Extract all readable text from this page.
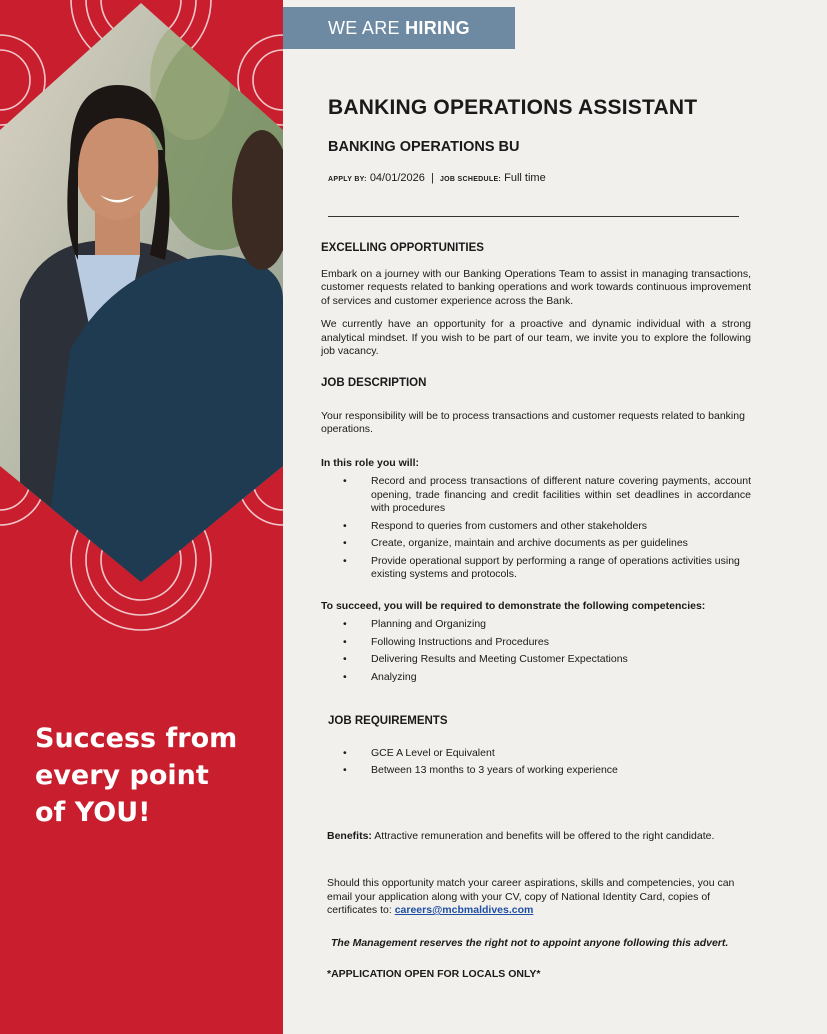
Success from
every point
of YOU!
WE ARE HIRING
BANKING OPERATIONS ASSISTANT
BANKING OPERATIONS BU
APPLY BY: 04/01/2026 | JOB SCHEDULE: Full time
EXCELLING OPPORTUNITIES

Embark on a journey with our Banking Operations Team to assist in managing transactions, customer requests related to banking operations and work towards continuous improvement of services and customer experience across the Bank.

We currently have an opportunity for a proactive and dynamic individual with a strong analytical mindset. If you wish to be part of our team, we invite you to explore the following job vacancy.

JOB DESCRIPTION

Your responsibility will be to process transactions and customer requests related to banking operations.

In this role you will:

• Record and process transactions of different nature covering payments, account opening, trade financing and credit facilities within set deadlines in accordance with procedures
• Respond to queries from customers and other stakeholders
• Create, organize, maintain and archive documents as per guidelines
• Provide operational support by performing a range of operations activities using existing systems and protocols.

To succeed, you will be required to demonstrate the following competencies:

• Planning and Organizing
• Following Instructions and Procedures
• Delivering Results and Meeting Customer Expectations
• Analyzing
JOB REQUIREMENTS
• GCE A Level or Equivalent
• Between 13 months to 3 years of working experience

Benefits: Attractive remuneration and benefits will be offered to the right candidate.

Should this opportunity match your career aspirations, skills and competencies, you can email your application along with your CV, copy of National Identity Card, copies of certificates to: careers@mcbmaldives.com

The Management reserves the right not to appoint anyone following this advert.
*APPLICATION OPEN FOR LOCALS ONLY*
